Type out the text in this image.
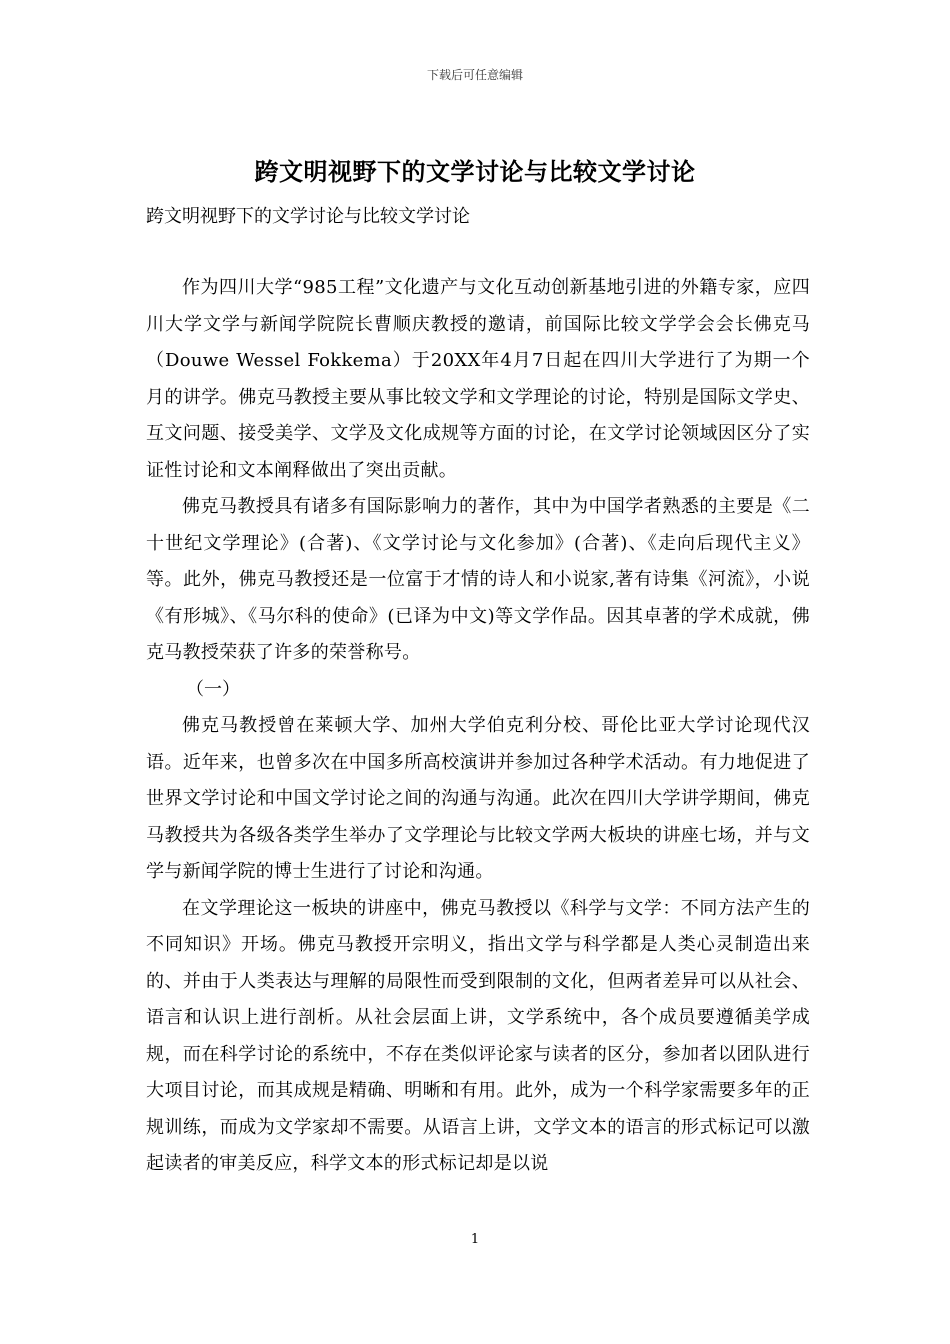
下载后可任意编辑
跨文明视野下的文学讨论与比较文学讨论
跨文明视野下的文学讨论与比较文学讨论

作为四川大学“985工程”文化遗产与文化互动创新基地引进的外籍专家，应四川大学文学与新闻学院院长曹顺庆教授的邀请，前国际比较文学学会会长佛克马（Douwe Wessel Fokkema）于20XX年4月7日起在四川大学进行了为期一个月的讲学。佛克马教授主要从事比较文学和文学理论的讨论，特别是国际文学史、互文问题、接受美学、文学及文化成规等方面的讨论，在文学讨论领域因区分了实证性讨论和文本阐释做出了突出贡献。

佛克马教授具有诸多有国际影响力的著作，其中为中国学者熟悉的主要是《二十世纪文学理论》(合著)、《文学讨论与文化参加》(合著)、《走向后现代主义》等。此外，佛克马教授还是一位富于才情的诗人和小说家,著有诗集《河流》，小说《有形城》、《马尔科的使命》(已译为中文)等文学作品。因其卓著的学术成就，佛克马教授荣获了许多的荣誉称号。

（一）

佛克马教授曾在莱顿大学、加州大学伯克利分校、哥伦比亚大学讨论现代汉语。近年来，也曾多次在中国多所高校演讲并参加过各种学术活动。有力地促进了世界文学讨论和中国文学讨论之间的沟通与沟通。此次在四川大学讲学期间，佛克马教授共为各级各类学生举办了文学理论与比较文学两大板块的讲座七场，并与文学与新闻学院的博士生进行了讨论和沟通。

在文学理论这一板块的讲座中，佛克马教授以《科学与文学：不同方法产生的不同知识》开场。佛克马教授开宗明义，指出文学与科学都是人类心灵制造出来的、并由于人类表达与理解的局限性而受到限制的文化，但两者差异可以从社会、语言和认识上进行剖析。从社会层面上讲，文学系统中，各个成员要遵循美学成规，而在科学讨论的系统中，不存在类似评论家与读者的区分，参加者以团队进行大项目讨论，而其成规是精确、明晰和有用。此外，成为一个科学家需要多年的正规训练，而成为文学家却不需要。从语言上讲，文学文本的语言的形式标记可以激起读者的审美反应，科学文本的形式标记却是以说

1
